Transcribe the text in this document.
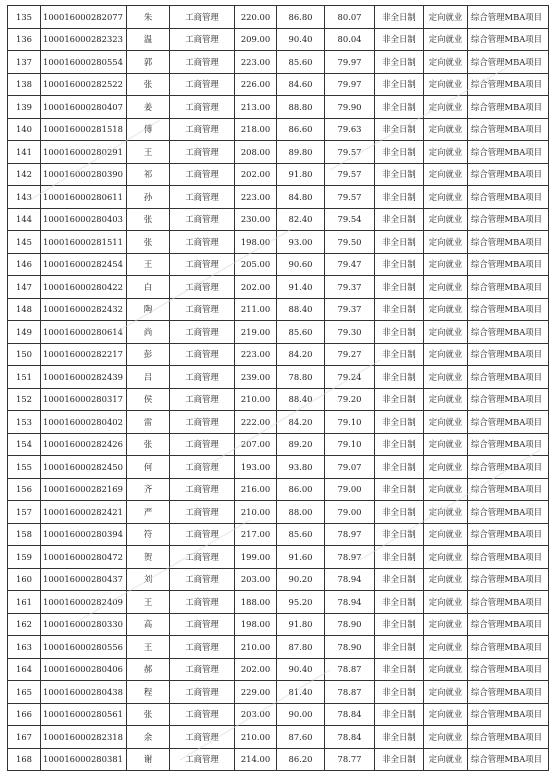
135	100016000282077	朱	工商管理	220.00	86.80	80.07	非全日制	定向就业	综合管理MBA项目
136	100016000282323	温	工商管理	209.00	90.40	80.04	非全日制	定向就业	综合管理MBA项目
137	100016000280554	郭	工商管理	223.00	85.60	79.97	非全日制	定向就业	综合管理MBA项目
138	100016000282522	张	工商管理	226.00	84.60	79.97	非全日制	定向就业	综合管理MBA项目
139	100016000280407	姜	工商管理	213.00	88.80	79.90	非全日制	定向就业	综合管理MBA项目
140	100016000281518	傅	工商管理	218.00	86.60	79.63	非全日制	定向就业	综合管理MBA项目
141	100016000280291	王	工商管理	208.00	89.80	79.57	非全日制	定向就业	综合管理MBA项目
142	100016000280390	祁	工商管理	202.00	91.80	79.57	非全日制	定向就业	综合管理MBA项目
143	100016000280611	孙	工商管理	223.00	84.80	79.57	非全日制	定向就业	综合管理MBA项目
144	100016000280403	张	工商管理	230.00	82.40	79.54	非全日制	定向就业	综合管理MBA项目
145	100016000281511	张	工商管理	198.00	93.00	79.50	非全日制	定向就业	综合管理MBA项目
146	100016000282454	王	工商管理	205.00	90.60	79.47	非全日制	定向就业	综合管理MBA项目
147	100016000280422	白	工商管理	202.00	91.40	79.37	非全日制	定向就业	综合管理MBA项目
148	100016000282432	陶	工商管理	211.00	88.40	79.37	非全日制	定向就业	综合管理MBA项目
149	100016000280614	尚	工商管理	219.00	85.60	79.30	非全日制	定向就业	综合管理MBA项目
150	100016000282217	彭	工商管理	223.00	84.20	79.27	非全日制	定向就业	综合管理MBA项目
151	100016000282439	吕	工商管理	239.00	78.80	79.24	非全日制	定向就业	综合管理MBA项目
152	100016000280317	侯	工商管理	210.00	88.40	79.20	非全日制	定向就业	综合管理MBA项目
153	100016000280402	雷	工商管理	222.00	84.20	79.10	非全日制	定向就业	综合管理MBA项目
154	100016000282426	张	工商管理	207.00	89.20	79.10	非全日制	定向就业	综合管理MBA项目
155	100016000282450	何	工商管理	193.00	93.80	79.07	非全日制	定向就业	综合管理MBA项目
156	100016000282169	齐	工商管理	216.00	86.00	79.00	非全日制	定向就业	综合管理MBA项目
157	100016000282421	严	工商管理	210.00	88.00	79.00	非全日制	定向就业	综合管理MBA项目
158	100016000280394	符	工商管理	217.00	85.60	78.97	非全日制	定向就业	综合管理MBA项目
159	100016000280472	贺	工商管理	199.00	91.60	78.97	非全日制	定向就业	综合管理MBA项目
160	100016000280437	刘	工商管理	203.00	90.20	78.94	非全日制	定向就业	综合管理MBA项目
161	100016000282409	王	工商管理	188.00	95.20	78.94	非全日制	定向就业	综合管理MBA项目
162	100016000280330	高	工商管理	198.00	91.80	78.90	非全日制	定向就业	综合管理MBA项目
163	100016000280556	王	工商管理	210.00	87.80	78.90	非全日制	定向就业	综合管理MBA项目
164	100016000280406	郝	工商管理	202.00	90.40	78.87	非全日制	定向就业	综合管理MBA项目
165	100016000280438	程	工商管理	229.00	81.40	78.87	非全日制	定向就业	综合管理MBA项目
166	100016000280561	张	工商管理	203.00	90.00	78.84	非全日制	定向就业	综合管理MBA项目
167	100016000282318	余	工商管理	210.00	87.60	78.84	非全日制	定向就业	综合管理MBA项目
168	100016000280381	谢	工商管理	214.00	86.20	78.77	非全日制	定向就业	综合管理MBA项目
